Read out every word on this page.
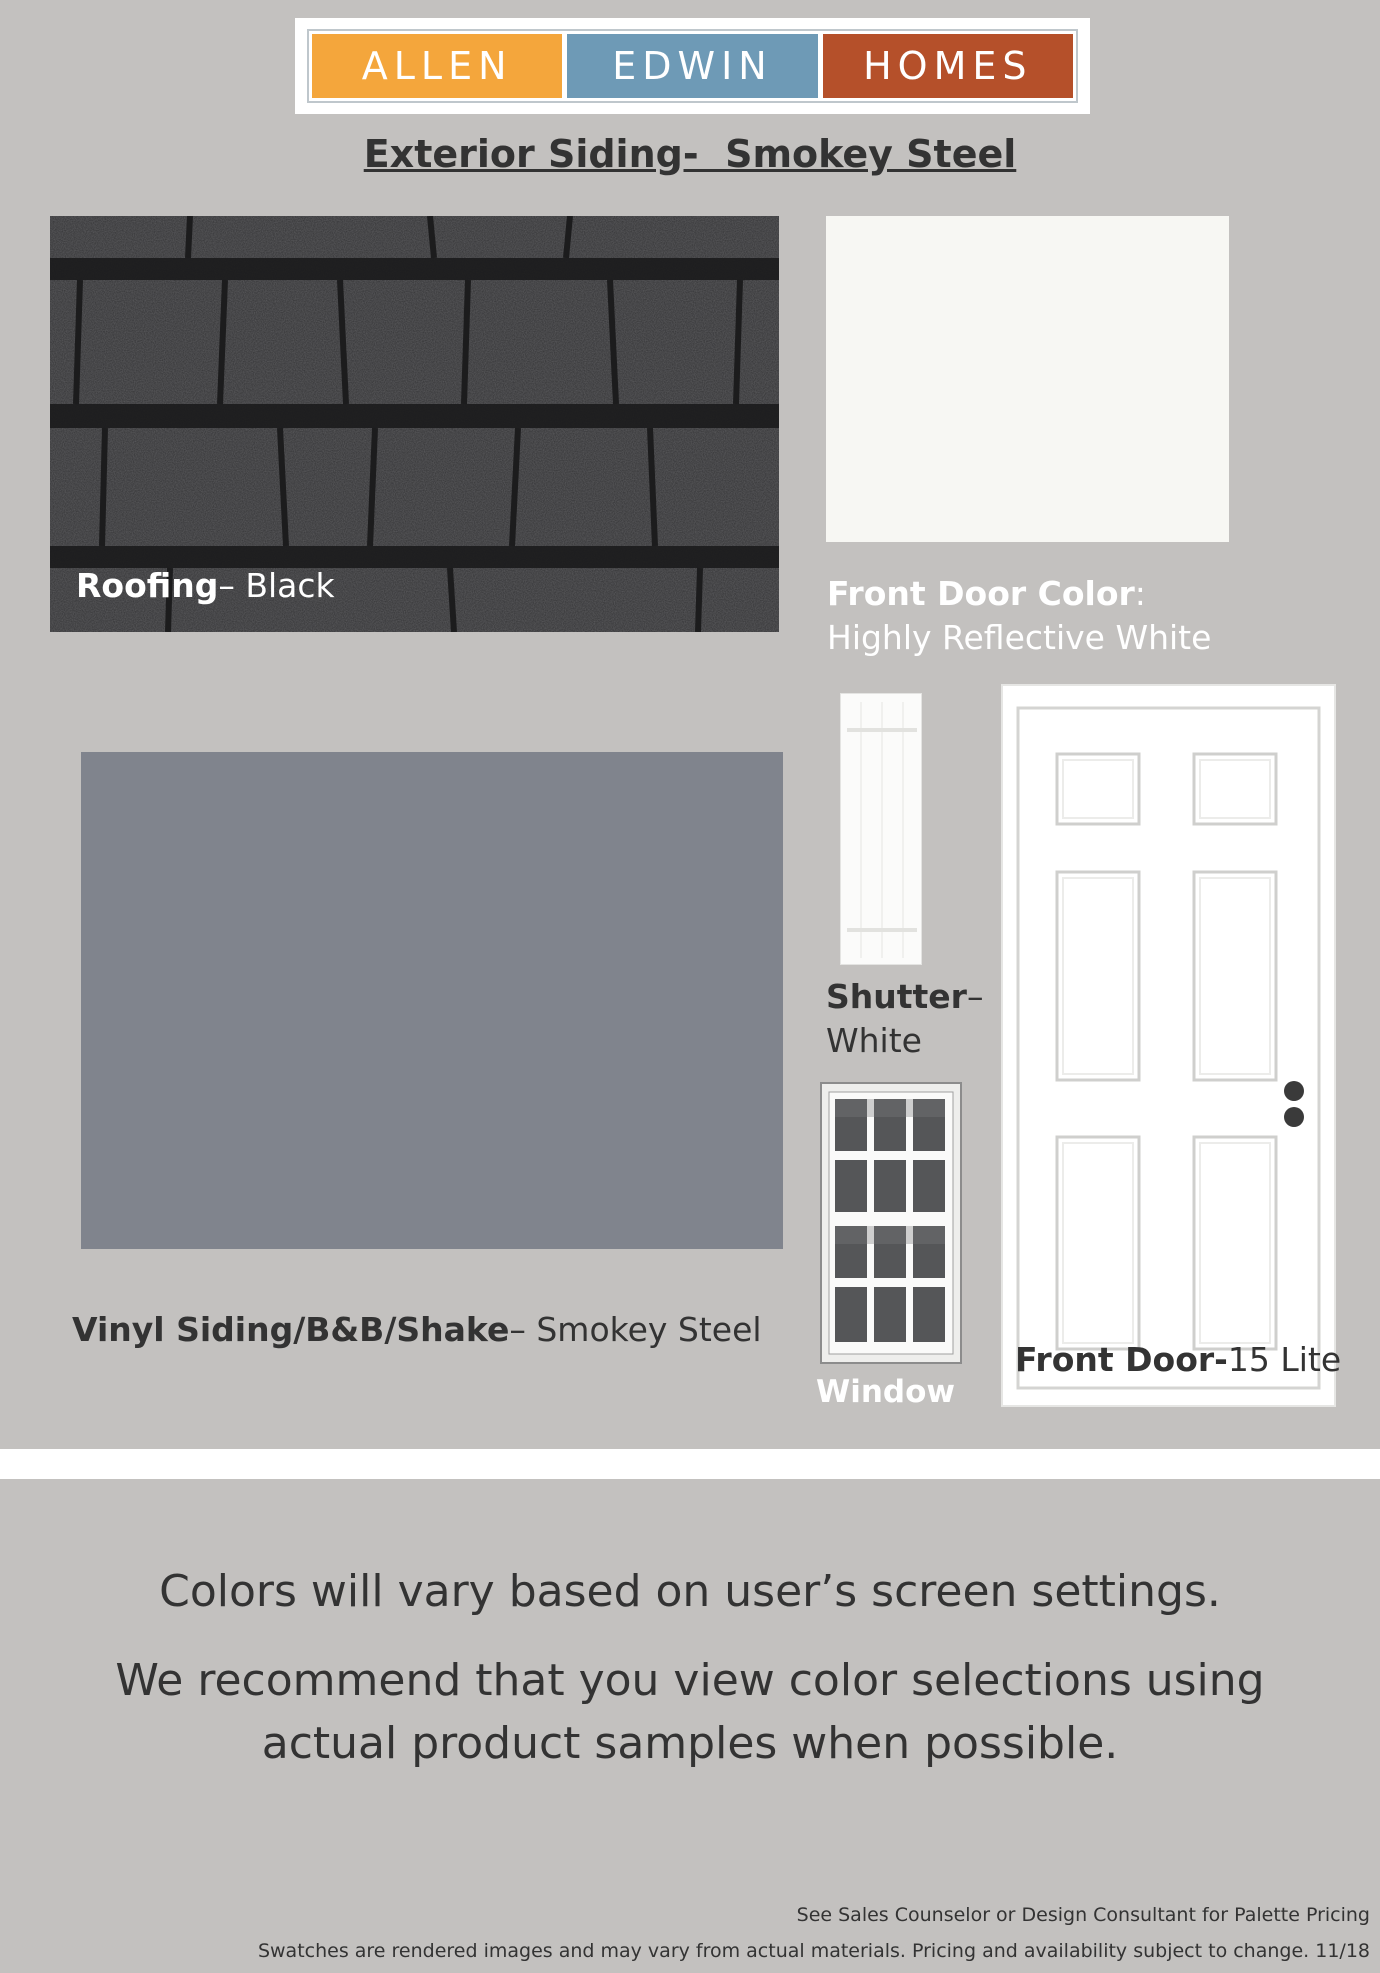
ALLEN	EDWIN	HOMES
Exterior Siding-  Smokey Steel
Roofing– Black	Front Door Color:
Highly Reflective White
Vinyl Siding/B&B/Shake– Smokey Steel
Shutter–
White
Window
Front Door-15 Lite
Colors will vary based on user’s screen settings.
We recommend that you view color selections using
actual product samples when possible.
See Sales Counselor or Design Consultant for Palette Pricing
Swatches are rendered images and may vary from actual materials. Pricing and availability subject to change. 11/18
